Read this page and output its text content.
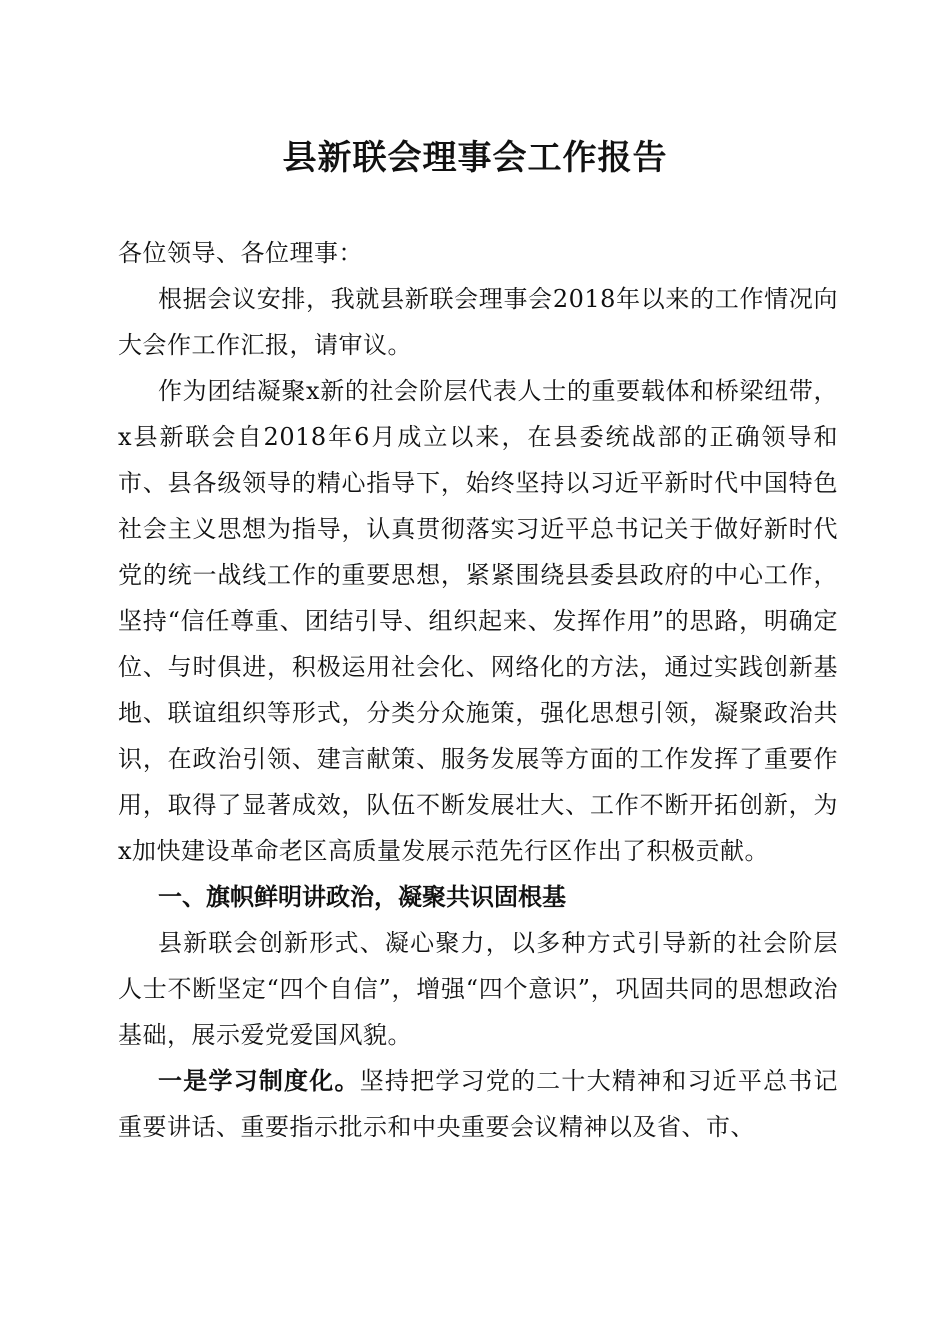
县新联会理事会工作报告

各位领导、各位理事：

根据会议安排，我就县新联会理事会2018年以来的工作情况向大会作工作汇报，请审议。

作为团结凝聚x新的社会阶层代表人士的重要载体和桥梁纽带，x县新联会自2018年6月成立以来，在县委统战部的正确领导和市、县各级领导的精心指导下，始终坚持以习近平新时代中国特色社会主义思想为指导，认真贯彻落实习近平总书记关于做好新时代党的统一战线工作的重要思想，紧紧围绕县委县政府的中心工作，坚持“信任尊重、团结引导、组织起来、发挥作用”的思路，明确定位、与时俱进，积极运用社会化、网络化的方法，通过实践创新基地、联谊组织等形式，分类分众施策，强化思想引领，凝聚政治共识，在政治引领、建言献策、服务发展等方面的工作发挥了重要作用，取得了显著成效，队伍不断发展壮大、工作不断开拓创新，为x加快建设革命老区高质量发展示范先行区作出了积极贡献。

一、旗帜鲜明讲政治，凝聚共识固根基

县新联会创新形式、凝心聚力，以多种方式引导新的社会阶层人士不断坚定“四个自信”，增强“四个意识”，巩固共同的思想政治基础，展示爱党爱国风貌。

一是学习制度化。坚持把学习党的二十大精神和习近平总书记重要讲话、重要指示批示和中央重要会议精神以及省、市、
